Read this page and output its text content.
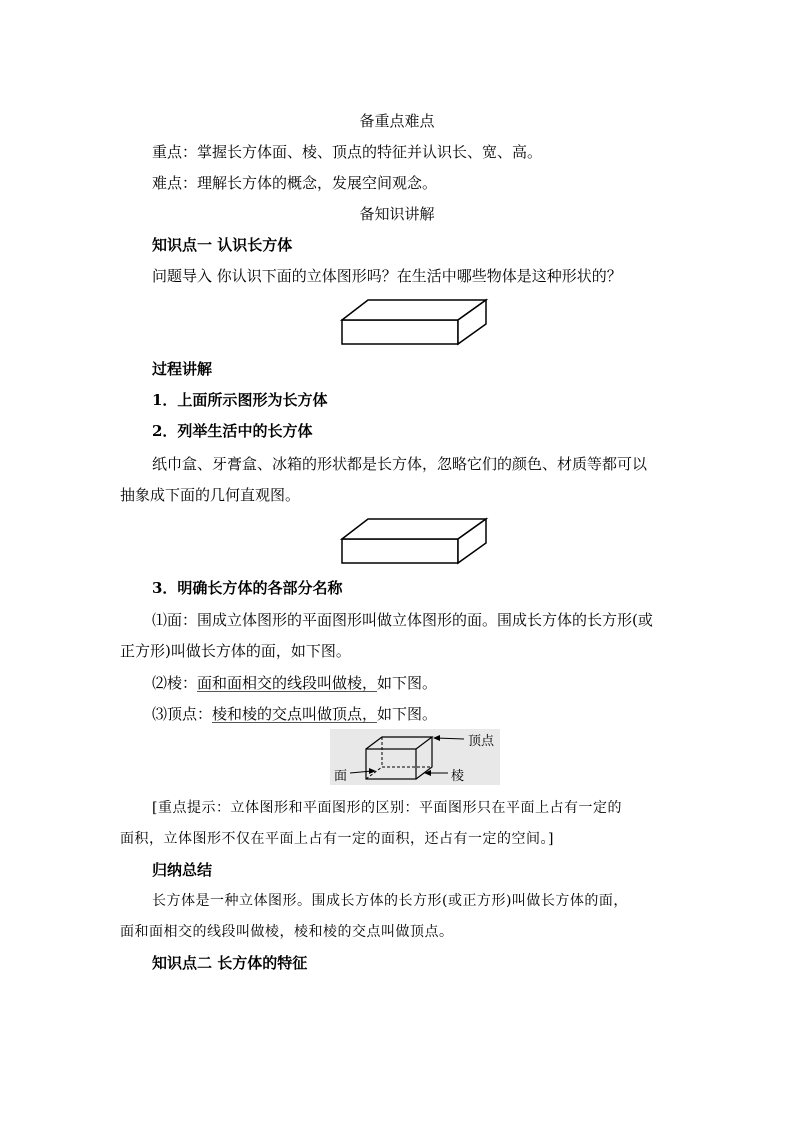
备重点难点
重点：掌握长方体面、棱、顶点的特征并认识长、宽、高。
难点：理解长方体的概念，发展空间观念。
备知识讲解
知识点一 认识长方体
问题导入 你认识下面的立体图形吗？在生活中哪些物体是这种形状的？
过程讲解
1．上面所示图形为长方体
2．列举生活中的长方体
纸巾盒、牙膏盒、冰箱的形状都是长方体，忽略它们的颜色、材质等都可以
抽象成下面的几何直观图。
3．明确长方体的各部分名称
⑴面：围成立体图形的平面图形叫做立体图形的面。围成长方体的长方形(或
正方形)叫做长方体的面，如下图。
⑵棱：面和面相交的线段叫做棱，如下图。
⑶顶点：棱和棱的交点叫做顶点，如下图。
顶点
面	棱
[重点提示：立体图形和平面图形的区别：平面图形只在平面上占有一定的
面积，立体图形不仅在平面上占有一定的面积，还占有一定的空间。]
归纳总结
长方体是一种立体图形。围成长方体的长方形(或正方形)叫做长方体的面，
面和面相交的线段叫做棱，棱和棱的交点叫做顶点。
知识点二 长方体的特征
